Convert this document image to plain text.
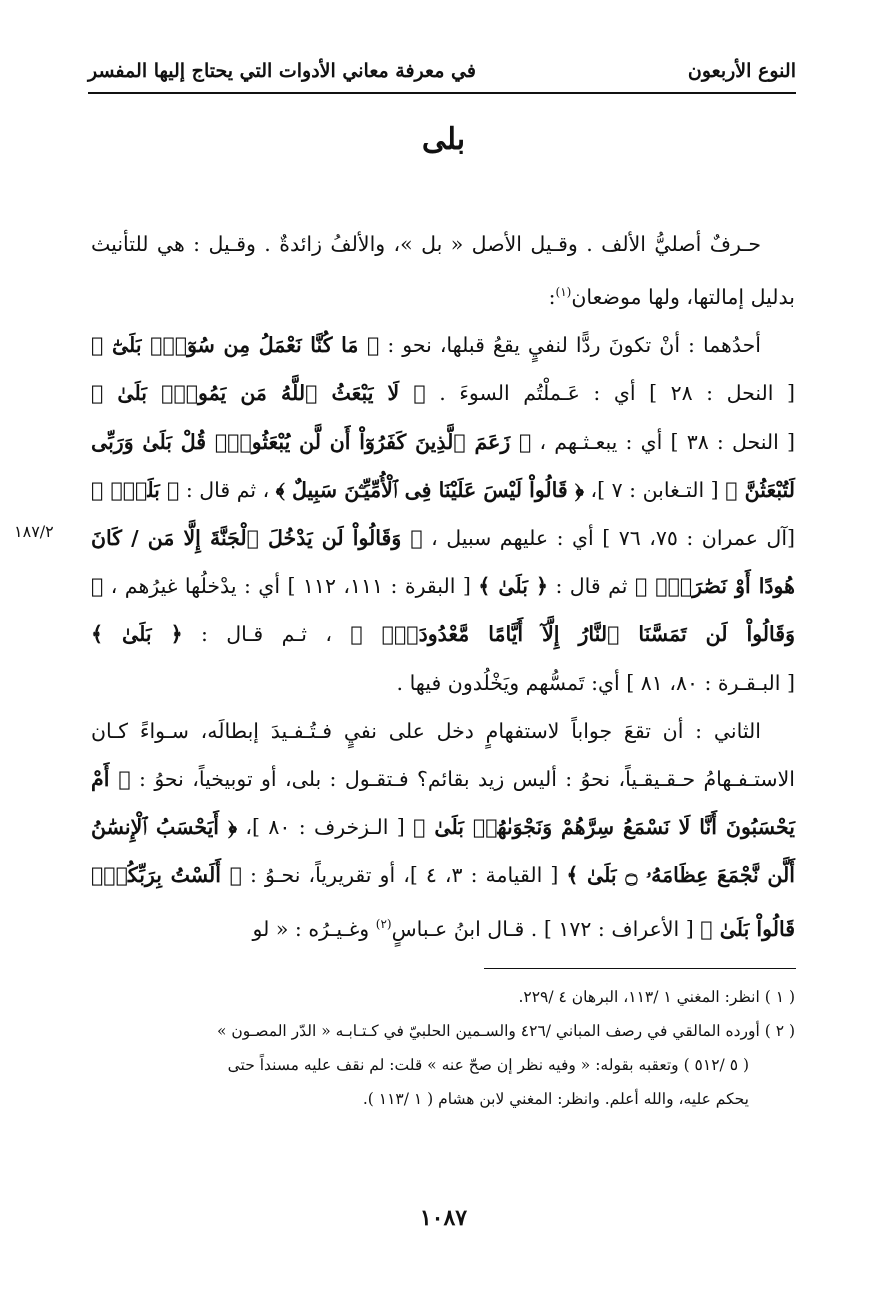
النوع الأربعون
في معرفة معاني الأدوات التي يحتاج إليها المفسر
بلى

حـرفٌ أصليُّ الألف . وقـيل الأصل « بل »، والألفُ زائدةٌ . وقـيل : هي للتأنيث بدليل إمالتها، ولها موضعان$^{(١)}$:

أحدُهما : أنْ تكونَ ردًّا لنفيٍ يقعُ قبلها، نحو : ﴿ مَا كُنَّا نَعْمَلُ مِن سُوٓءٍۭ بَلَىٰٓ ﴾ [ النحل : ٢٨ ] أي : عَـملْتُم السوءَ . ﴿ لَا يَبْعَثُ ٱللَّهُ مَن يَمُوتُۚ بَلَىٰ ﴾ [ النحل : ٣٨ ] أي : يبعـثـهم ، ﴿ زَعَمَ ٱلَّذِينَ كَفَرُوٓاْ أَن لَّن يُبْعَثُواْۚ قُلْ بَلَىٰ وَرَبِّى لَتُبْعَثُنَّ ﴾ [ التـغابن : ٧ ]، ﴿ قَالُواْ لَيْسَ عَلَيْنَا فِى ٱلْأُمِّيِّـۧنَ سَبِيلٌ ﴾ ، ثم قال : ﴿ بَلَىٰۚ ﴾ [آل عمران : ٧٥، ٧٦ ] أي : عليهم سبيل ، ﴿ وَقَالُواْ لَن يَدْخُلَ ٱلْجَنَّةَ إِلَّا مَن / كَانَ هُودًا أَوْ نَصَٰرَىٰۗ ﴾ ثم قال : ﴿ بَلَىٰ ﴾ [ البقرة : ١١١، ١١٢ ] أي : يدْخلُها غيرُهم ، ﴿ وَقَالُواْ لَن تَمَسَّنَا ٱلنَّارُ إِلَّآ أَيَّامًا مَّعْدُودَةًۚ ﴾ ، ثـم قـال : ﴿ بَلَىٰ ﴾ [ البـقـرة : ٨٠، ٨١ ] أي: تَمسُّهم ويَخْلُدون فيها .

الثاني : أن تقعَ جواباً لاستفهامٍ دخل على نفيٍ فـتُـفـيدَ إبطالَه، سـواءً كـان الاستـفـهامُ حـقـيقـياً، نحوُ : أليس زيد بقائم؟ فـتقـول : بلى، أو توبيخياً، نحوُ : ﴿ أَمْ يَحْسَبُونَ أَنَّا لَا نَسْمَعُ سِرَّهُمْ وَنَجْوَىٰهُمۚ بَلَىٰ ﴾ [ الـزخرف : ٨٠ ]، ﴿ أَيَحْسَبُ ٱلْإِنسَٰنُ أَلَّن نَّجْمَعَ عِظَامَهُۥ ۝ بَلَىٰ ﴾ [ القيامة : ٣، ٤ ]، أو تقريرياً، نحـوُ : ﴿ أَلَسْتُ بِرَبِّكُمْۖ قَالُواْ بَلَىٰ ﴾ [ الأعراف : ١٧٢ ] . قـال ابنُ عـباسٍ$^{(٢)}$ وغـيـرُه : « لو

١٨٧/٢

( ١ ) انظر: المغني ١ /١١٣، البرهان ٤ /٢٢٩.

( ٢ ) أورده المالقي في رصف المباني /٤٢٦ والسـمين الحلبيّ في كـتـابـه « الدّر المصـون »

( ٥ /٥١٢ ) وتعقبه بقوله: « وفيه نظر إن صحّ عنه » قلت: لم نقف عليه مسنداً حتى

يحكم عليه، والله أعلم. وانظر: المغني لابن هشام ( ١ /١١٣ ).

١٠٨٧
